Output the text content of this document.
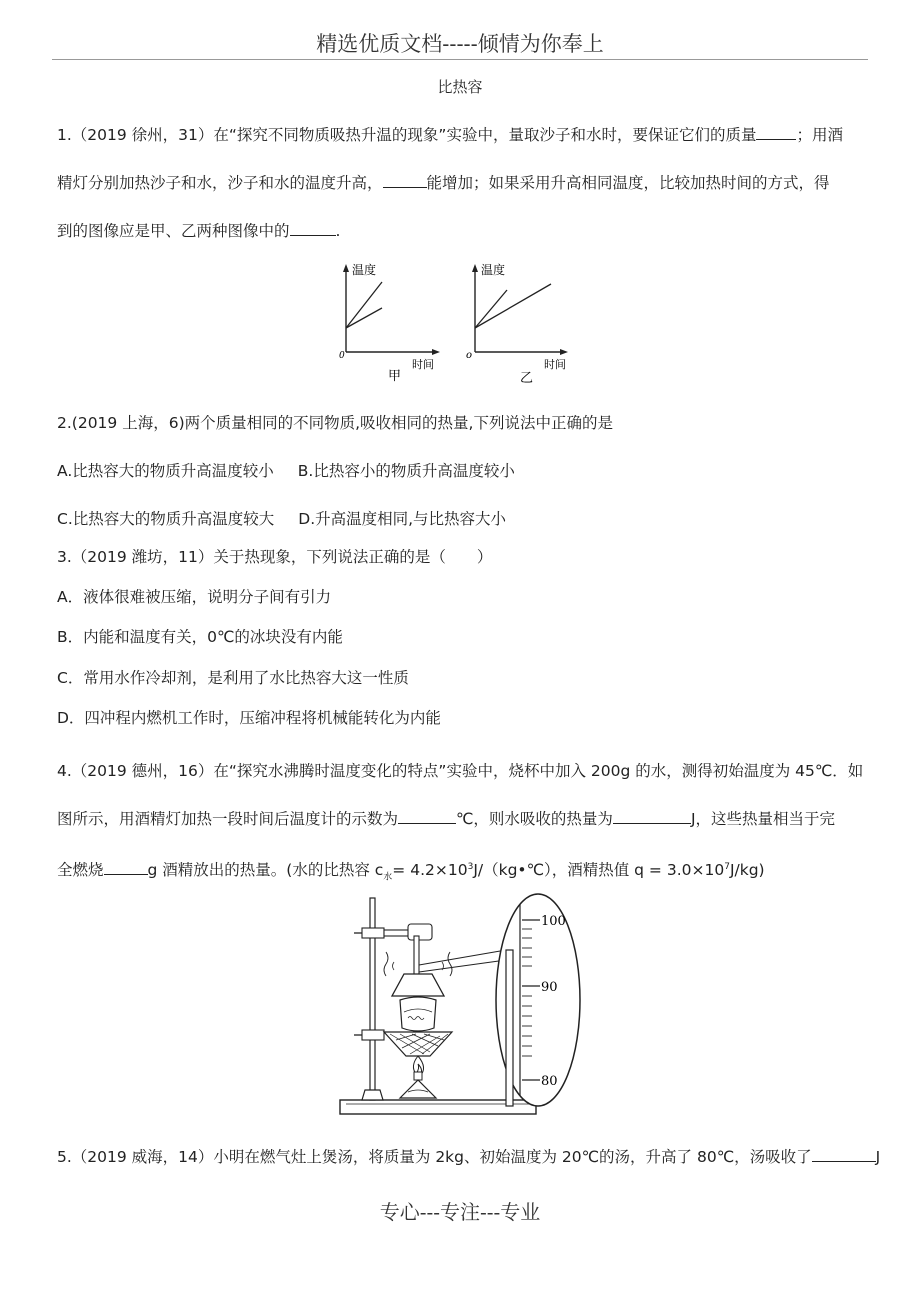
精选优质文档-----倾情为你奉上
比热容
1.（2019 徐州，31）在“探究不同物质吸热升温的现象”实验中，量取沙子和水时，要保证它们的质量	；用酒
精灯分别加热沙子和水，沙子和水的温度升高，	能增加；如果采用升高相同温度，比较加热时间的方式，得
到的图像应是甲、乙两种图像中的	.
温度
时间
0
甲
温度
时间
o
乙
2.(2019 上海，6)两个质量相同的不同物质,吸收相同的热量,下列说法中正确的是
A.比热容大的物质升高温度较小 B.比热容小的物质升高温度较小
C.比热容大的物质升高温度较大 D.升高温度相同,与比热容大小
3.（2019 潍坊，11）关于热现象，下列说法正确的是（　　）
A．液体很难被压缩，说明分子间有引力
B．内能和温度有关，0℃的冰块没有内能
C．常用水作冷却剂，是利用了水比热容大这一性质
D．四冲程内燃机工作时，压缩冲程将机械能转化为内能
4.（2019 德州，16）在“探究水沸腾时温度变化的特点”实验中，烧杯中加入 200g 的水，测得初始温度为 45℃．如
图所示，用酒精灯加热一段时间后温度计的示数为	℃，则水吸收的热量为	J，这些热量相当于完
全燃烧	g 酒精放出的热量。(水的比热容 $c_水=$ $4.2\times 10^3J/(kg•℃)$，酒精热值 $q = 3.0\times 10^7J/kg$)
100
90
80
5.（2019 威海，14）小明在燃气灶上煲汤，将质量为 2kg、初始温度为 20℃的汤，升高了 80℃，汤吸收了	J
专心---专注---专业
